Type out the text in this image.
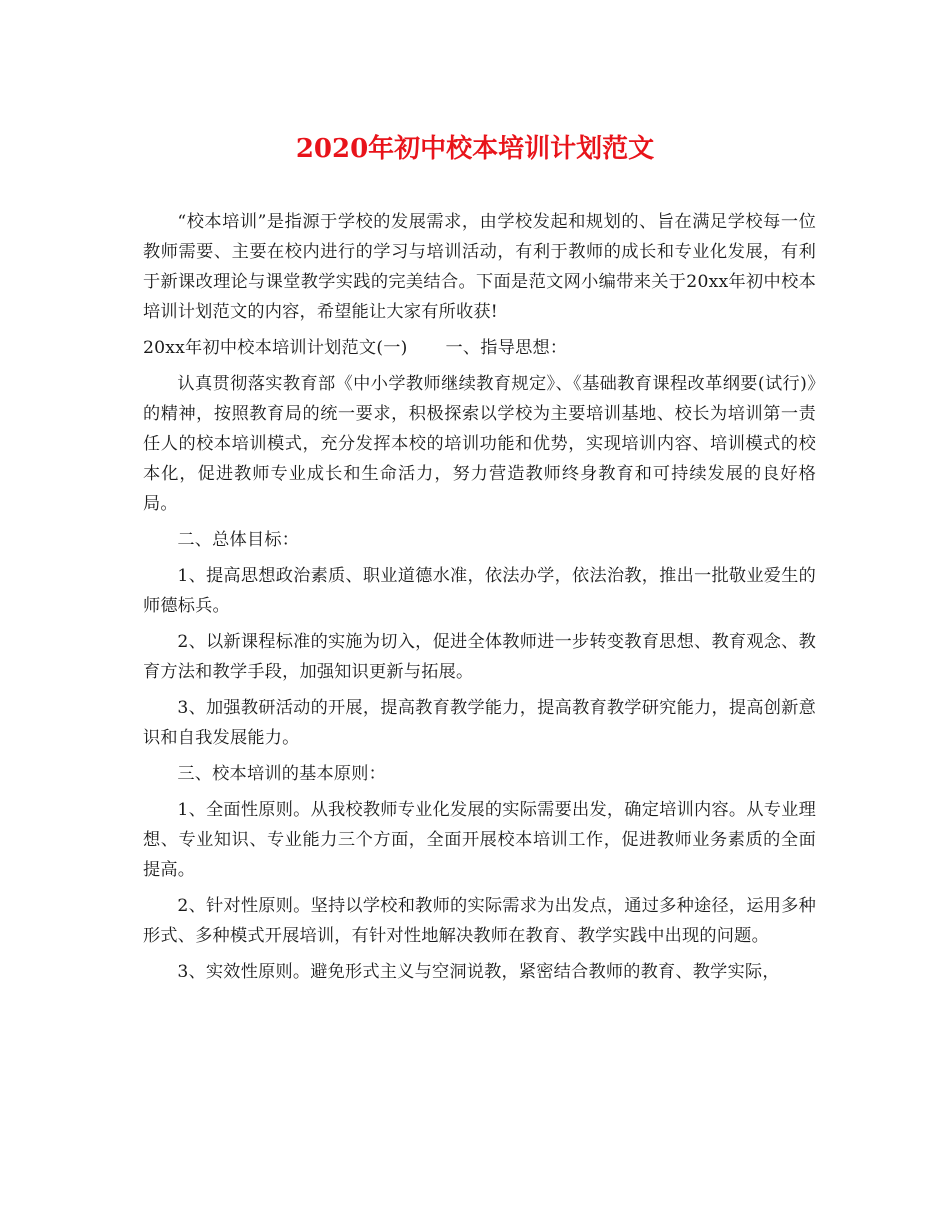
2020年初中校本培训计划范文

“校本培训”是指源于学校的发展需求，由学校发起和规划的、旨在满足学校每一位教师需要、主要在校内进行的学习与培训活动，有利于教师的成长和专业化发展，有利于新课改理论与课堂教学实践的完美结合。下面是范文网小编带来关于20xx年初中校本培训计划范文的内容，希望能让大家有所收获!

20xx年初中校本培训计划范文(一) 一、指导思想：

认真贯彻落实教育部《中小学教师继续教育规定》、《基础教育课程改革纲要(试行)》的精神，按照教育局的统一要求，积极探索以学校为主要培训基地、校长为培训第一责任人的校本培训模式，充分发挥本校的培训功能和优势，实现培训内容、培训模式的校本化，促进教师专业成长和生命活力，努力营造教师终身教育和可持续发展的良好格局。

二、总体目标：

1、提高思想政治素质、职业道德水准，依法办学，依法治教，推出一批敬业爱生的师德标兵。

2、以新课程标准的实施为切入，促进全体教师进一步转变教育思想、教育观念、教育方法和教学手段，加强知识更新与拓展。

3、加强教研活动的开展，提高教育教学能力，提高教育教学研究能力，提高创新意识和自我发展能力。

三、校本培训的基本原则：

1、全面性原则。从我校教师专业化发展的实际需要出发，确定培训内容。从专业理想、专业知识、专业能力三个方面，全面开展校本培训工作，促进教师业务素质的全面提高。

2、针对性原则。坚持以学校和教师的实际需求为出发点，通过多种途径，运用多种形式、多种模式开展培训，有针对性地解决教师在教育、教学实践中出现的问题。

3、实效性原则。避免形式主义与空洞说教，紧密结合教师的教育、教学实际，
